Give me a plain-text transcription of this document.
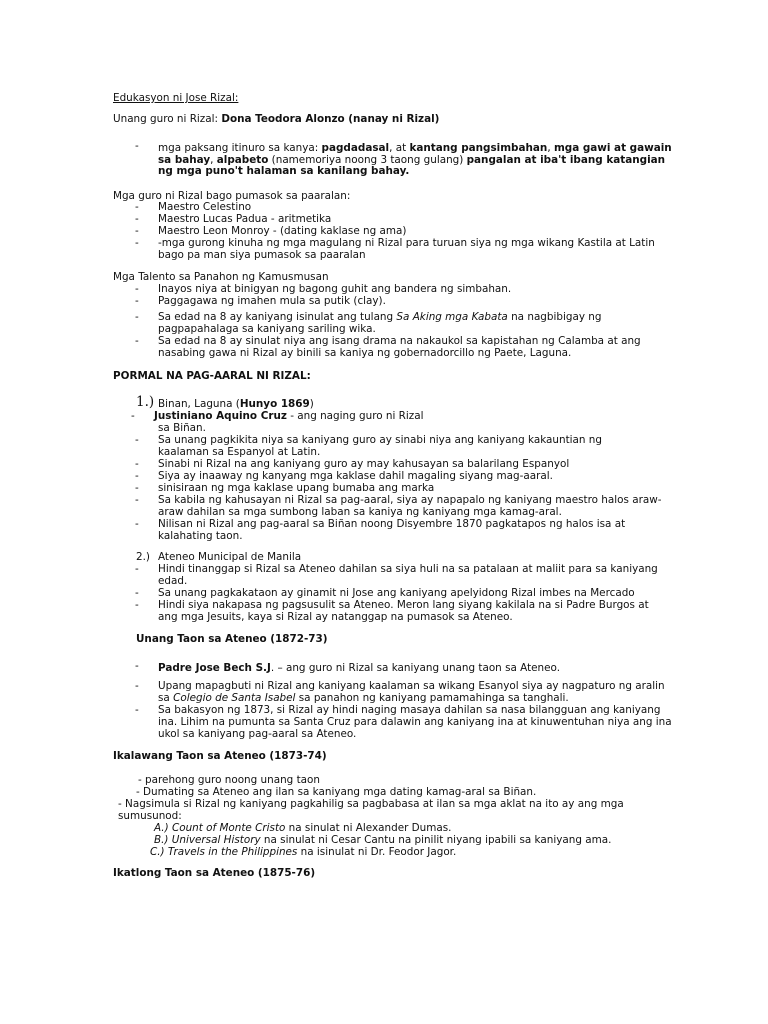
Edukasyon ni Jose Rizal:
Unang guro ni Rizal: Dona Teodora Alonzo (nanay ni Rizal)
- mga paksang itinuro sa kanya: pagdadasal, at kantang pangsimbahan, mga gawi at gawain
sa bahay, alpabeto (namemoriya noong 3 taong gulang) pangalan at iba't ibang katangian
ng mga puno't halaman sa kanilang bahay.
Mga guro ni Rizal bago pumasok sa paaralan:
- Maestro Celestino
- Maestro Lucas Padua - aritmetika
- Maestro Leon Monroy - (dating kaklase ng ama)
- -mga gurong kinuha ng mga magulang ni Rizal para turuan siya ng mga wikang Kastila at Latin
bago pa man siya pumasok sa paaralan
Mga Talento sa Panahon ng Kamusmusan
- Inayos niya at binigyan ng bagong guhit ang bandera ng simbahan.
- Paggagawa ng imahen mula sa putik (clay).
- Sa edad na 8 ay kaniyang isinulat ang tulang Sa Aking mga Kabata na nagbibigay ng
pagpapahalaga sa kaniyang sariling wika.
- Sa edad na 8 ay sinulat niya ang isang drama na nakaukol sa kapistahan ng Calamba at ang
nasabing gawa ni Rizal ay binili sa kaniya ng gobernadorcillo ng Paete, Laguna.
PORMAL NA PAG-AARAL NI RIZAL:
1.) Binan, Laguna (Hunyo 1869)
- Justiniano Aquino Cruz - ang naging guro ni Rizal
sa Biñan.
- Sa unang pagkikita niya sa kaniyang guro ay sinabi niya ang kaniyang kakauntian ng
kaalaman sa Espanyol at Latin.
- Sinabi ni Rizal na ang kaniyang guro ay may kahusayan sa balarilang Espanyol
- Siya ay inaaway ng kanyang mga kaklase dahil magaling siyang mag-aaral.
- sinisiraan ng mga kaklase upang bumaba ang marka
- Sa kabila ng kahusayan ni Rizal sa pag-aaral, siya ay napapalo ng kaniyang maestro halos araw-
araw dahilan sa mga sumbong laban sa kaniya ng kaniyang mga kamag-aral.
- Nilisan ni Rizal ang pag-aaral sa Biñan noong Disyembre 1870 pagkatapos ng halos isa at
kalahating taon.
2.) Ateneo Municipal de Manila
- Hindi tinanggap si Rizal sa Ateneo dahilan sa siya huli na sa patalaan at maliit para sa kaniyang
edad.
- Sa unang pagkakataon ay ginamit ni Jose ang kaniyang apelyidong Rizal imbes na Mercado
- Hindi siya nakapasa ng pagsusulit sa Ateneo. Meron lang siyang kakilala na si Padre Burgos at
ang mga Jesuits, kaya si Rizal ay natanggap na pumasok sa Ateneo.
Unang Taon sa Ateneo (1872-73)
- Padre Jose Bech S.J. – ang guro ni Rizal sa kaniyang unang taon sa Ateneo.
- Upang mapagbuti ni Rizal ang kaniyang kaalaman sa wikang Esanyol siya ay nagpaturo ng aralin
sa Colegio de Santa Isabel sa panahon ng kaniyang pamamahinga sa tanghali.
- Sa bakasyon ng 1873, si Rizal ay hindi naging masaya dahilan sa nasa bilangguan ang kaniyang
ina. Lihim na pumunta sa Santa Cruz para dalawin ang kaniyang ina at kinuwentuhan niya ang ina
ukol sa kaniyang pag-aaral sa Ateneo.
Ikalawang Taon sa Ateneo (1873-74)
- parehong guro noong unang taon
- Dumating sa Ateneo ang ilan sa kaniyang mga dating kamag-aral sa Biñan.
- Nagsimula si Rizal ng kaniyang pagkahilig sa pagbabasa at ilan sa mga aklat na ito ay ang mga
sumusunod:
A.) Count of Monte Cristo na sinulat ni Alexander Dumas.
B.) Universal History na sinulat ni Cesar Cantu na pinilit niyang ipabili sa kaniyang ama.
C.) Travels in the Philippines na isinulat ni Dr. Feodor Jagor.
Ikatlong Taon sa Ateneo (1875-76)
